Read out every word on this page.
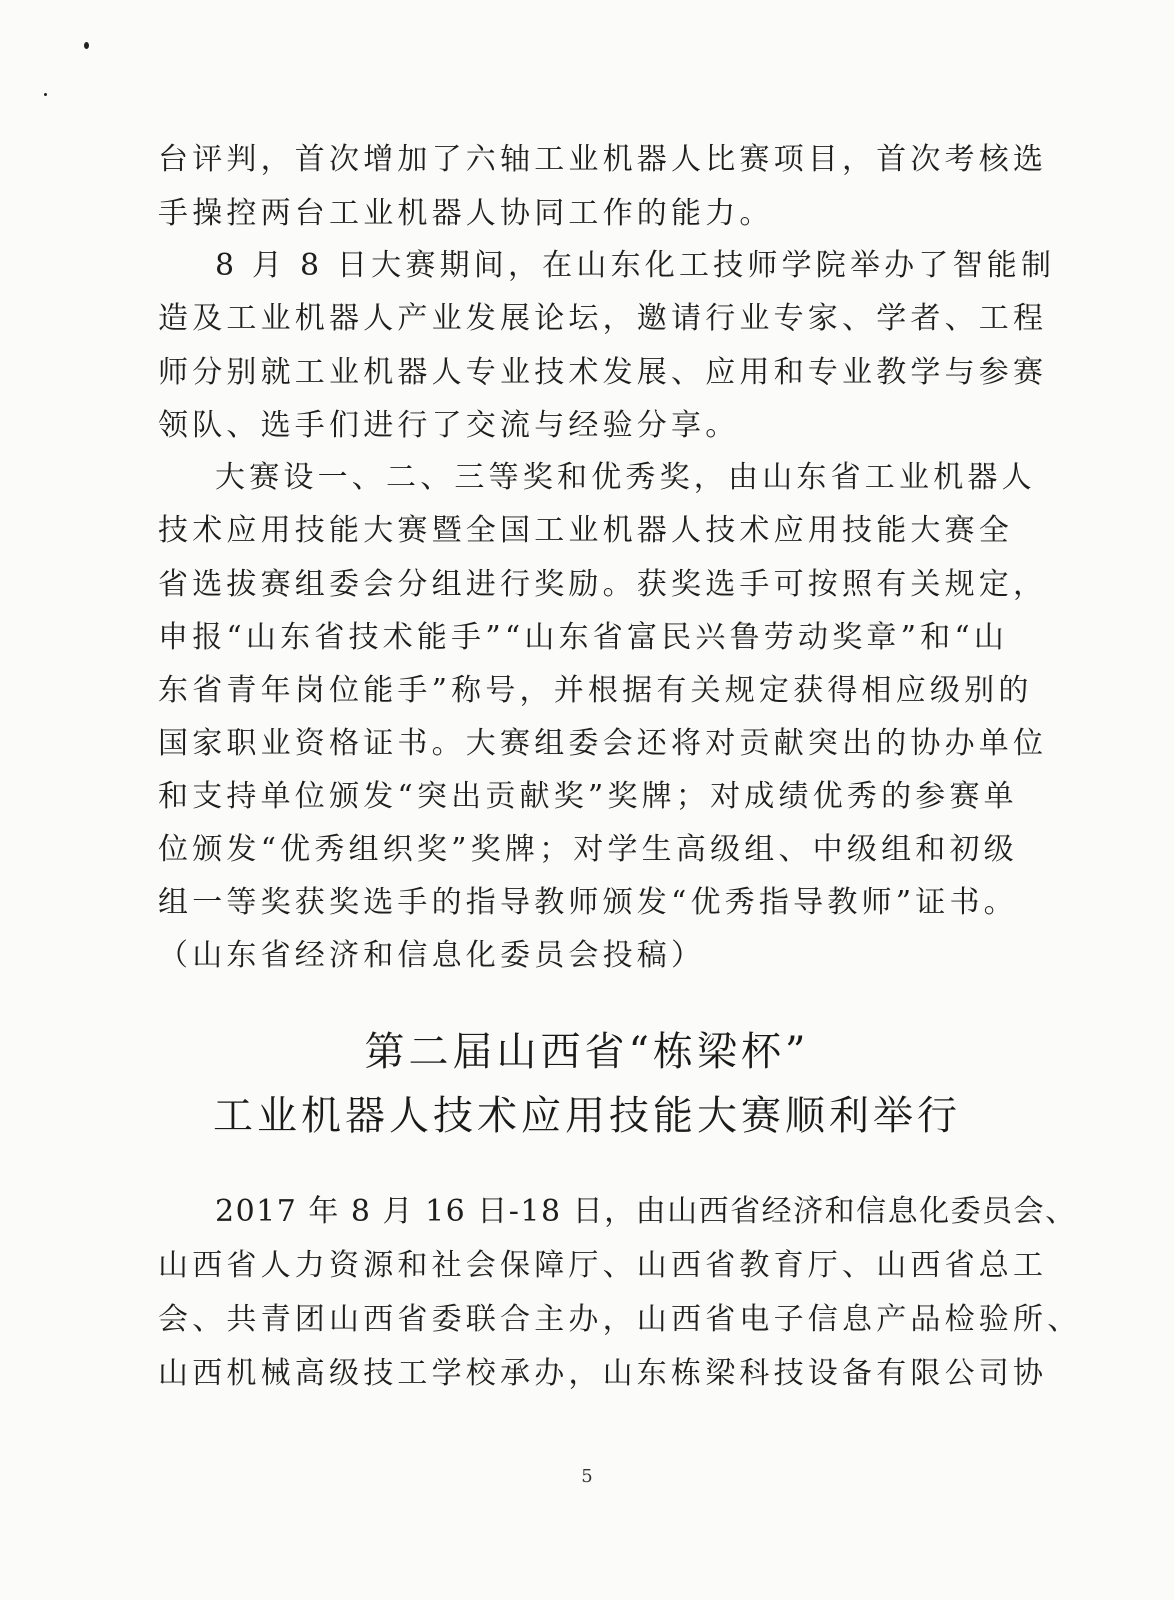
台评判，首次增加了六轴工业机器人比赛项目，首次考核选
手操控两台工业机器人协同工作的能力。
8 月 8 日大赛期间，在山东化工技师学院举办了智能制
造及工业机器人产业发展论坛，邀请行业专家、学者、工程
师分别就工业机器人专业技术发展、应用和专业教学与参赛
领队、选手们进行了交流与经验分享。
大赛设一、二、三等奖和优秀奖，由山东省工业机器人
技术应用技能大赛暨全国工业机器人技术应用技能大赛全
省选拔赛组委会分组进行奖励。获奖选手可按照有关规定，
申报“山东省技术能手”“山东省富民兴鲁劳动奖章”和“山
东省青年岗位能手”称号，并根据有关规定获得相应级别的
国家职业资格证书。大赛组委会还将对贡献突出的协办单位
和支持单位颁发“突出贡献奖”奖牌；对成绩优秀的参赛单
位颁发“优秀组织奖”奖牌；对学生高级组、中级组和初级
组一等奖获奖选手的指导教师颁发“优秀指导教师”证书。
（山东省经济和信息化委员会投稿）
第二届山西省“栋梁杯”
工业机器人技术应用技能大赛顺利举行
2017 年 8 月 16 日-18 日，由山西省经济和信息化委员会、
山西省人力资源和社会保障厅、山西省教育厅、山西省总工
会、共青团山西省委联合主办，山西省电子信息产品检验所、
山西机械高级技工学校承办，山东栋梁科技设备有限公司协
5
